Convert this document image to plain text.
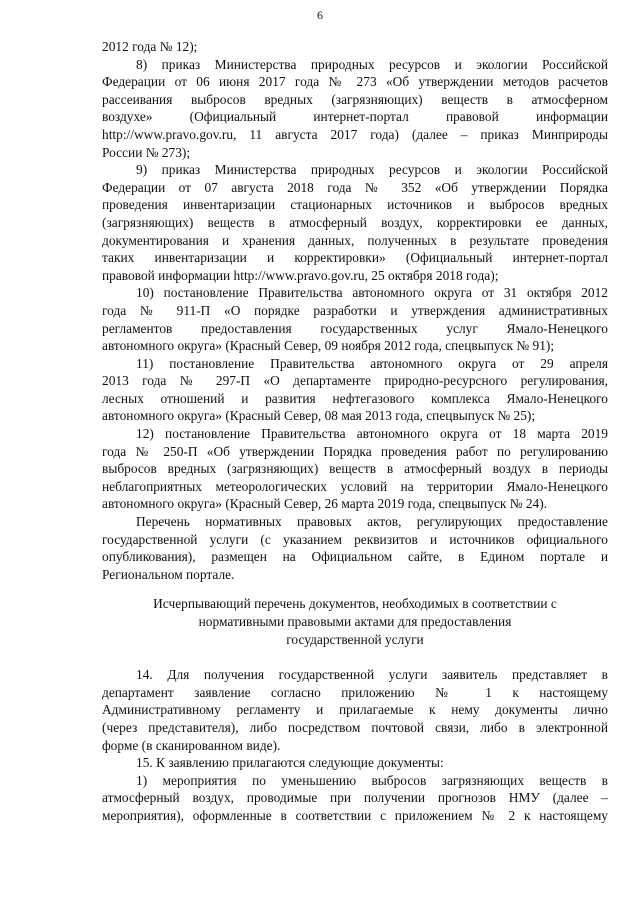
6
2012 года № 12);
8) приказ Министерства природных ресурсов и экологии Российской
Федерации от 06 июня 2017 года № 273 «Об утверждении методов расчетов
рассеивания выбросов вредных (загрязняющих) веществ в атмосферном
воздухе» (Официальный интернет-портал правовой информации
http://www.pravo.gov.ru, 11 августа 2017 года) (далее – приказ Минприроды
России № 273);
9) приказ Министерства природных ресурсов и экологии Российской
Федерации от 07 августа 2018 года № 352 «Об утверждении Порядка
проведения инвентаризации стационарных источников и выбросов вредных
(загрязняющих) веществ в атмосферный воздух, корректировки ее данных,
документирования и хранения данных, полученных в результате проведения
таких инвентаризации и корректировки» (Официальный интернет-портал
правовой информации http://www.pravo.gov.ru, 25 октября 2018 года);
10) постановление Правительства автономного округа от 31 октября 2012
года № 911-П «О порядке разработки и утверждения административных
регламентов предоставления государственных услуг Ямало-Ненецкого
автономного округа» (Красный Север, 09 ноября 2012 года, спецвыпуск № 91);
11) постановление Правительства автономного округа от 29 апреля
2013 года № 297-П «О департаменте природно-ресурсного регулирования,
лесных отношений и развития нефтегазового комплекса Ямало-Ненецкого
автономного округа» (Красный Север, 08 мая 2013 года, спецвыпуск № 25);
12) постановление Правительства автономного округа от 18 марта 2019
года № 250-П «Об утверждении Порядка проведения работ по регулированию
выбросов вредных (загрязняющих) веществ в атмосферный воздух в периоды
неблагоприятных метеорологических условий на территории Ямало-Ненецкого
автономного округа» (Красный Север, 26 марта 2019 года, спецвыпуск № 24).
Перечень нормативных правовых актов, регулирующих предоставление
государственной услуги (с указанием реквизитов и источников официального
опубликования), размещен на Официальном сайте, в Едином портале и
Региональном портале.
Исчерпывающий перечень документов, необходимых в соответствии с
нормативными правовыми актами для предоставления
государственной услуги
14. Для получения государственной услуги заявитель представляет в
департамент заявление согласно приложению № 1 к настоящему
Административному регламенту и прилагаемые к нему документы лично
(через представителя), либо посредством почтовой связи, либо в электронной
форме (в сканированном виде).
15. К заявлению прилагаются следующие документы:
1) мероприятия по уменьшению выбросов загрязняющих веществ в
атмосферный воздух, проводимые при получении прогнозов НМУ (далее –
мероприятия), оформленные в соответствии с приложением № 2 к настоящему
